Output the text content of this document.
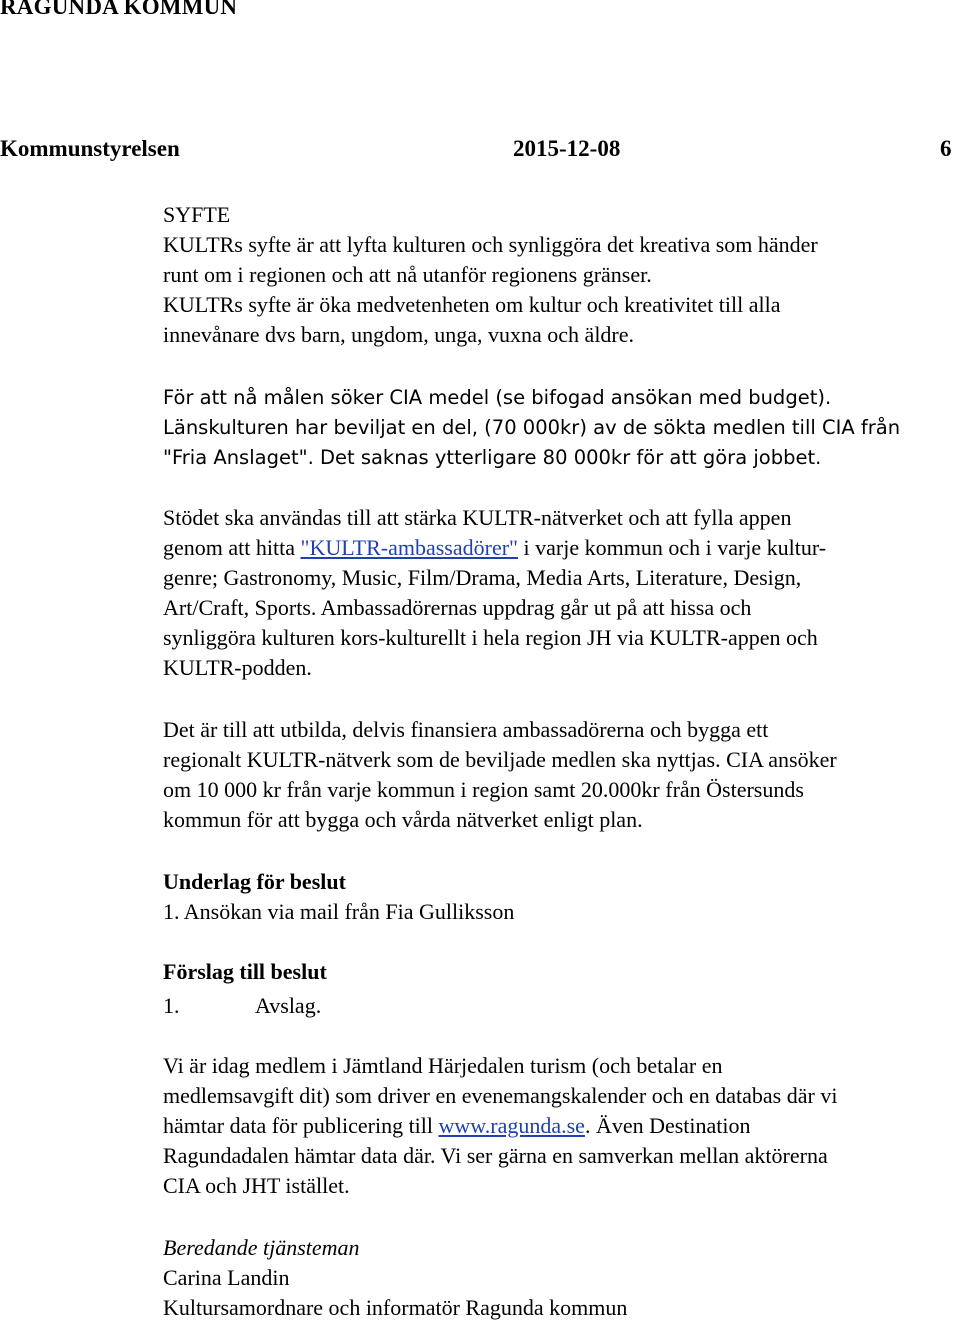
RAGUNDA KOMMUN
Kommunstyrelsen	2015-12-08	6
SYFTE
KULTRs syfte är att lyfta kulturen och synliggöra det kreativa som händer
runt om i regionen och att nå utanför regionens gränser.
KULTRs syfte är öka medvetenheten om kultur och kreativitet till alla
innevånare dvs barn, ungdom, unga, vuxna och äldre.
För att nå målen söker CIA medel (se bifogad ansökan med budget).
Länskulturen har beviljat en del, (70 000kr) av de sökta medlen till CIA från
"Fria Anslaget". Det saknas ytterligare 80 000kr för att göra jobbet.
Stödet ska användas till att stärka KULTR-nätverket och att fylla appen
genom att hitta "KULTR-ambassadörer" i varje kommun och i varje kultur-
genre; Gastronomy, Music, Film/Drama, Media Arts, Literature, Design,
Art/Craft, Sports. Ambassadörernas uppdrag går ut på att hissa och
synliggöra kulturen kors-kulturellt i hela region JH via KULTR-appen och
KULTR-podden.
Det är till att utbilda, delvis finansiera ambassadörerna och bygga ett
regionalt KULTR-nätverk som de beviljade medlen ska nyttjas. CIA ansöker
om 10 000 kr från varje kommun i region samt 20.000kr från Östersunds
kommun för att bygga och vårda nätverket enligt plan.
Underlag för beslut
1. Ansökan via mail från Fia Gulliksson
Förslag till beslut
1.	Avslag.
Vi är idag medlem i Jämtland Härjedalen turism (och betalar en
medlemsavgift dit) som driver en evenemangskalender och en databas där vi
hämtar data för publicering till www.ragunda.se. Även Destination
Ragundadalen hämtar data där. Vi ser gärna en samverkan mellan aktörerna
CIA och JHT istället.
Beredande tjänsteman
Carina Landin
Kultursamordnare och informatör Ragunda kommun
